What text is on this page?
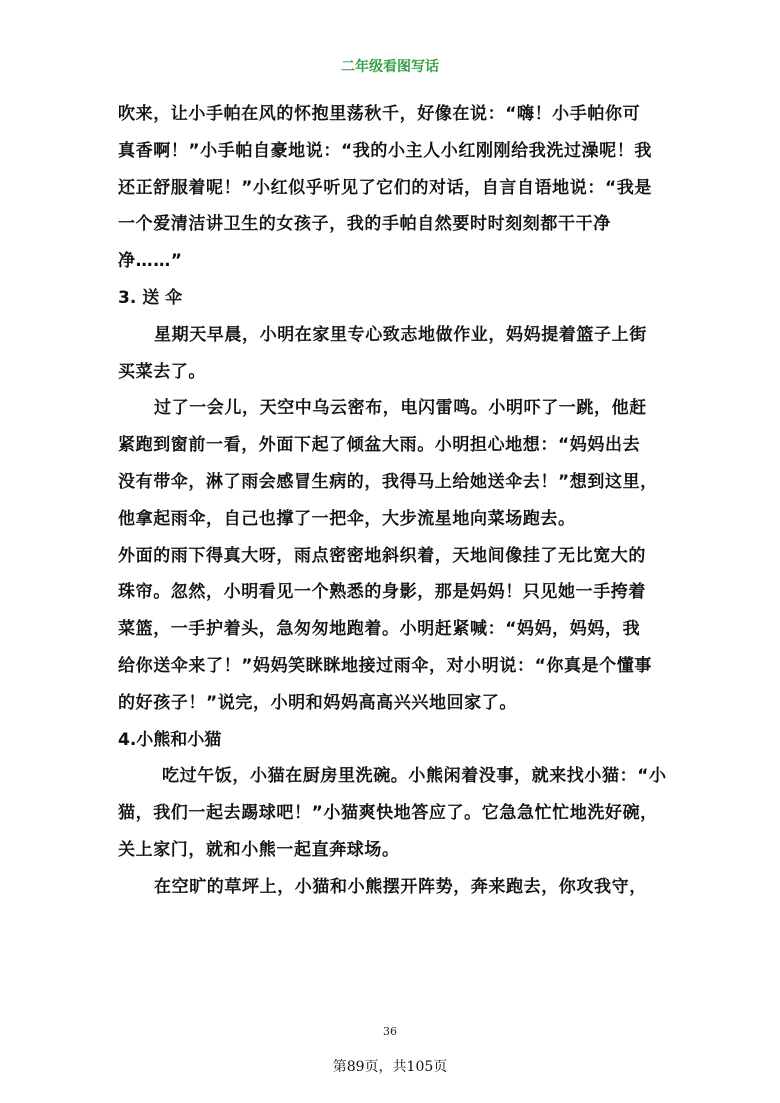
二年级看图写话

吹来，让小手帕在风的怀抱里荡秋千，好像在说：“嗨！小手帕你可

真香啊！”小手帕自豪地说：“我的小主人小红刚刚给我洗过澡呢！我

还正舒服着呢！”小红似乎听见了它们的对话，自言自语地说：“我是

一个爱清洁讲卫生的女孩子，我的手帕自然要时时刻刻都干干净

净……”

3. 送 伞

星期天早晨，小明在家里专心致志地做作业，妈妈提着篮子上街

买菜去了。

过了一会儿，天空中乌云密布，电闪雷鸣。小明吓了一跳，他赶

紧跑到窗前一看，外面下起了倾盆大雨。小明担心地想：“妈妈出去

没有带伞，淋了雨会感冒生病的，我得马上给她送伞去！”想到这里，

他拿起雨伞，自己也撑了一把伞，大步流星地向菜场跑去。

外面的雨下得真大呀，雨点密密地斜织着，天地间像挂了无比宽大的

珠帘。忽然，小明看见一个熟悉的身影，那是妈妈！只见她一手挎着

菜篮，一手护着头，急匆匆地跑着。小明赶紧喊：“妈妈，妈妈，我

给你送伞来了！”妈妈笑眯眯地接过雨伞，对小明说：“你真是个懂事

的好孩子！”说完，小明和妈妈高高兴兴地回家了。

4.小熊和小猫

吃过午饭，小猫在厨房里洗碗。小熊闲着没事，就来找小猫：“小

猫，我们一起去踢球吧！”小猫爽快地答应了。它急急忙忙地洗好碗，

关上家门，就和小熊一起直奔球场。

在空旷的草坪上，小猫和小熊摆开阵势，奔来跑去，你攻我守，

36
第89页，共105页
